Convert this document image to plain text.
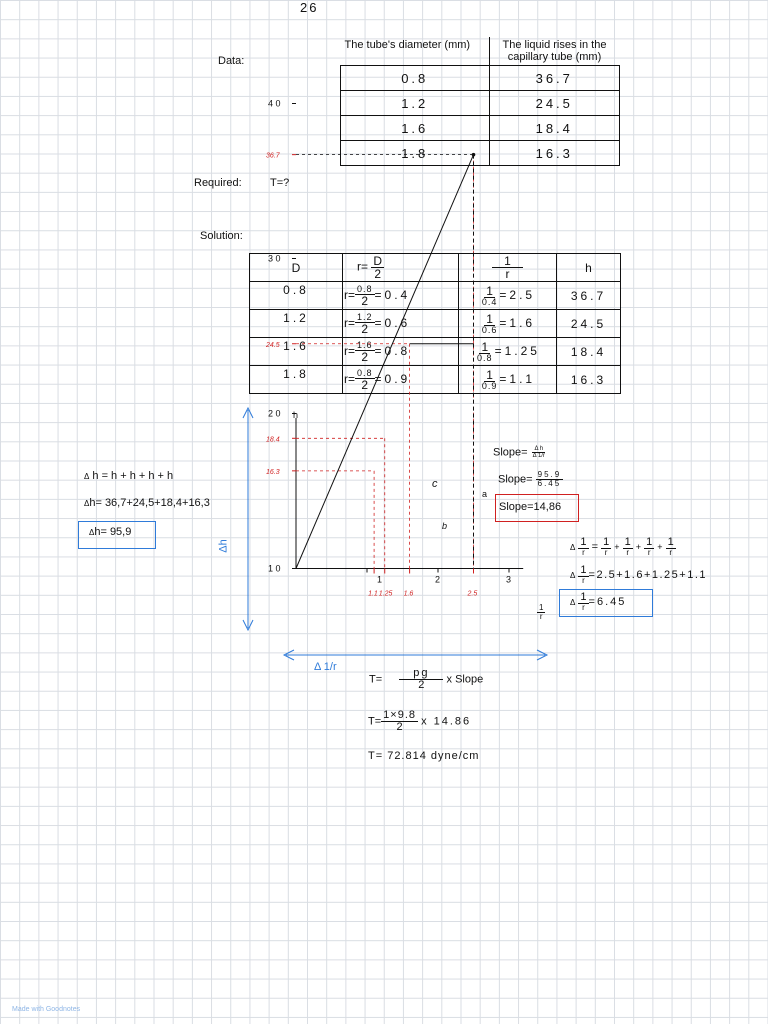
26
Data:
The tube's diameter (mm)	The liquid rises in the capillary tube (mm)
0.8	36.7
1.2	24.5
1.6	18.4
1.8	16.3
Required:	T=?
Solution:
D	$r= \frac{D}{2}$	$\frac{1}{r}$	h
0.8	$r= \frac{0.8}{2} =0.4$	$\frac{1}{0.4} =2.5$	36.7
1.2	$r= \frac{1.2}{2} =0.6$	$\frac{1}{0.6} =1.6$	24.5
1.6	$r= \frac{1.6}{2} =0.8$	$\frac{1}{0.8} =1.25$	18.4
1.8	$r= \frac{0.8}{2} =0.9$	$\frac{1}{0.9} =1.1$	16.3
Δ h = h + h + h + h
Δh= 36,7+24,5+18,4+16,3
Δh= 95,9
Slope= $\frac{\text{Δ h}}{\Delta 1/r}$
Slope= $\frac{95.9}{6.45}$
Slope=14,86
Δ $\frac{1}{r} = \frac{1}{r} + \frac{1}{r} + \frac{1}{r} + \frac{1}{r}$
Δ $\frac{1}{r} =2.5+1.6+1.25+1.1$
Δ $\frac{1}{r} =6.45$
4 0
3 0
2 0
1 0
1	2	3
36.7
24.5
18.4
16.3
1.1 1.25 1.6	2.5
h
$\frac{1}{r}$
Δh
Δ 1/r
c
a
b
$T= \frac{pg}{2}$ x Slope
$T= \frac{1\times 9.8}{2}$ x 14.86
T= 72.814 dyne/cm
Made with Goodnotes
